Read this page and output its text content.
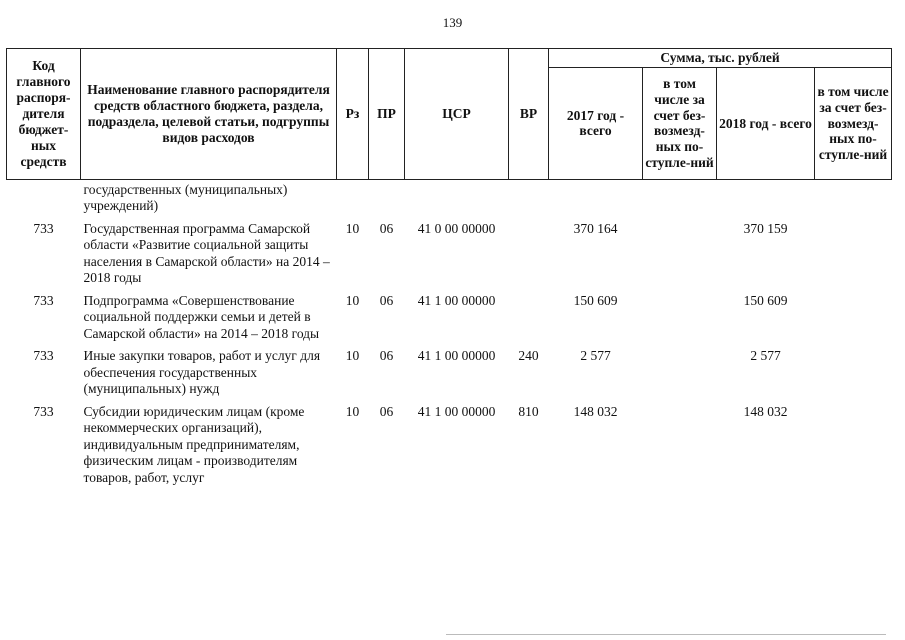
139
Код главного распоря-дителя бюджет-ных средств	Наименование главного распорядителя средств областного бюджета, раздела, подраздела, целевой статьи, подгруппы видов расходов	Рз	ПР	ЦСР	ВР	Сумма, тыс. рублей			
						2017 год - всего	в том числе за счет без-возмезд-ных по-ступле-ний	2018 год - всего	в том числе за счет без-возмезд-ных по-ступле-ний
	государственных (муниципальных) учреждений)								
733	Государственная программа Самарской области «Развитие социальной защиты населения в Самарской области» на 2014 – 2018 годы	10	06	41 0 00 00000		370 164		370 159	
733	Подпрограмма «Совершенствование социальной поддержки семьи и детей в Самарской области» на 2014 – 2018 годы	10	06	41 1 00 00000		150 609		150 609	
733	Иные закупки товаров, работ и услуг для обеспечения государственных (муниципальных) нужд	10	06	41 1 00 00000	240	2 577		2 577	
733	Субсидии юридическим лицам (кроме некоммерческих организаций), индивидуальным предпринимателям, физическим лицам - производителям товаров, работ, услуг	10	06	41 1 00 00000	810	148 032		148 032	
